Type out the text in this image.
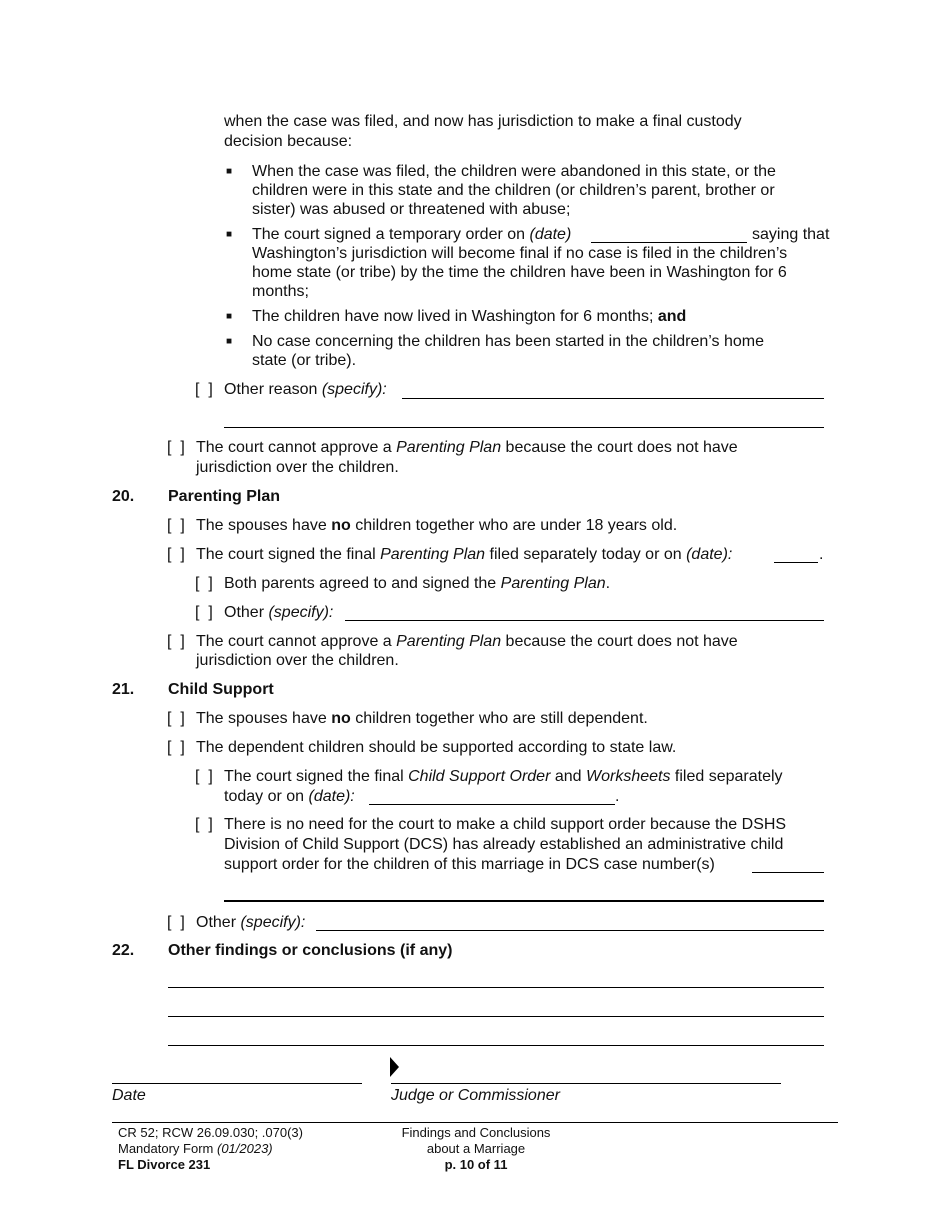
when the case was filed, and now has jurisdiction to make a final custody
decision because:
■ When the case was filed, the children were abandoned in this state, or the
children were in this state and the children (or children’s parent, brother or
sister) was abused or threatened with abuse;
■ The court signed a temporary order on (date)	saying that
Washington’s jurisdiction will become final if no case is filed in the children’s
home state (or tribe) by the time the children have been in Washington for 6
months;
■ The children have now lived in Washington for 6 months; and
■ No case concerning the children has been started in the children’s home
state (or tribe).
[  ] Other reason (specify):
[  ] The court cannot approve a Parenting Plan because the court does not have
jurisdiction over the children.
20. Parenting Plan
[  ] The spouses have no children together who are under 18 years old.
[  ] The court signed the final Parenting Plan filed separately today or on (date):	.
[  ] Both parents agreed to and signed the Parenting Plan.
[  ] Other (specify):
[  ] The court cannot approve a Parenting Plan because the court does not have
jurisdiction over the children.
21. Child Support
[  ] The spouses have no children together who are still dependent.
[  ] The dependent children should be supported according to state law.
[  ] The court signed the final Child Support Order and Worksheets filed separately
today or on (date):	.
[  ] There is no need for the court to make a child support order because the DSHS
Division of Child Support (DCS) has already established an administrative child
support order for the children of this marriage in DCS case number(s)
[  ] Other (specify):
22. Other findings or conclusions (if any)
Date	Judge or Commissioner
CR 52; RCW 26.09.030; .070(3)
Mandatory Form (01/2023)
FL Divorce 231
Findings and Conclusions
about a Marriage
p. 10 of 11
